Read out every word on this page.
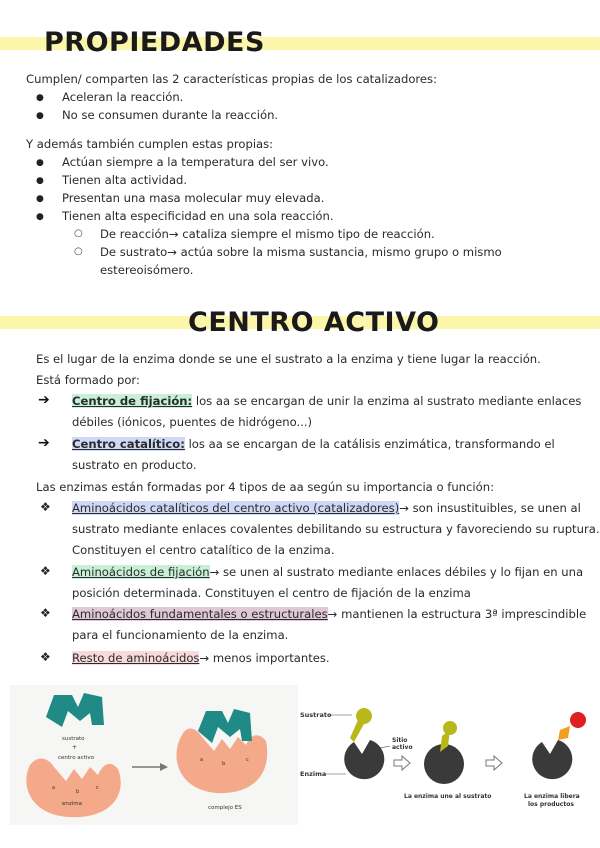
PROPIEDADES
Cumplen/ comparten las 2 características propias de los catalizadores:
● Aceleran la reacción.
● No se consumen durante la reacción.
Y además también cumplen estas propias:
● Actúan siempre a la temperatura del ser vivo.
● Tienen alta actividad.
● Presentan una masa molecular muy elevada.
● Tienen alta especificidad en una sola reacción.
○ De reacción→ cataliza siempre el mismo tipo de reacción.
○ De sustrato→ actúa sobre la misma sustancia, mismo grupo o mismo
estereoisómero.
CENTRO ACTIVO
Es el lugar de la enzima donde se une el sustrato a la enzima y tiene lugar la reacción.
Está formado por:
➔ Centro de fijación: los aa se encargan de unir la enzima al sustrato mediante enlaces
débiles (iónicos, puentes de hidrógeno...)
➔ Centro catalítico: los aa se encargan de la catálisis enzimática, transformando el
sustrato en producto.
Las enzimas están formadas por 4 tipos de aa según su importancia o función:
❖ Aminoácidos catalíticos del centro activo (catalizadores)→ son insustituibles, se unen al
sustrato mediante enlaces covalentes debilitando su estructura y favoreciendo su ruptura.
Constituyen el centro catalítico de la enzima.
❖ Aminoácidos de fijación→ se unen al sustrato mediante enlaces débiles y lo fijan en una
posición determinada. Constituyen el centro de fijación de la enzima
❖ Aminoácidos fundamentales o estructurales→ mantienen la estructura 3ª imprescindible
para el funcionamiento de la enzima.
❖ Resto de aminoácidos→ menos importantes.
sustrato
+
centro activo
a
b
c
enzima
a
b
c
complejo ES
Sustrato
Enzima
Sitio
activo
La enzima une al sustrato	La enzima libera
los productos
